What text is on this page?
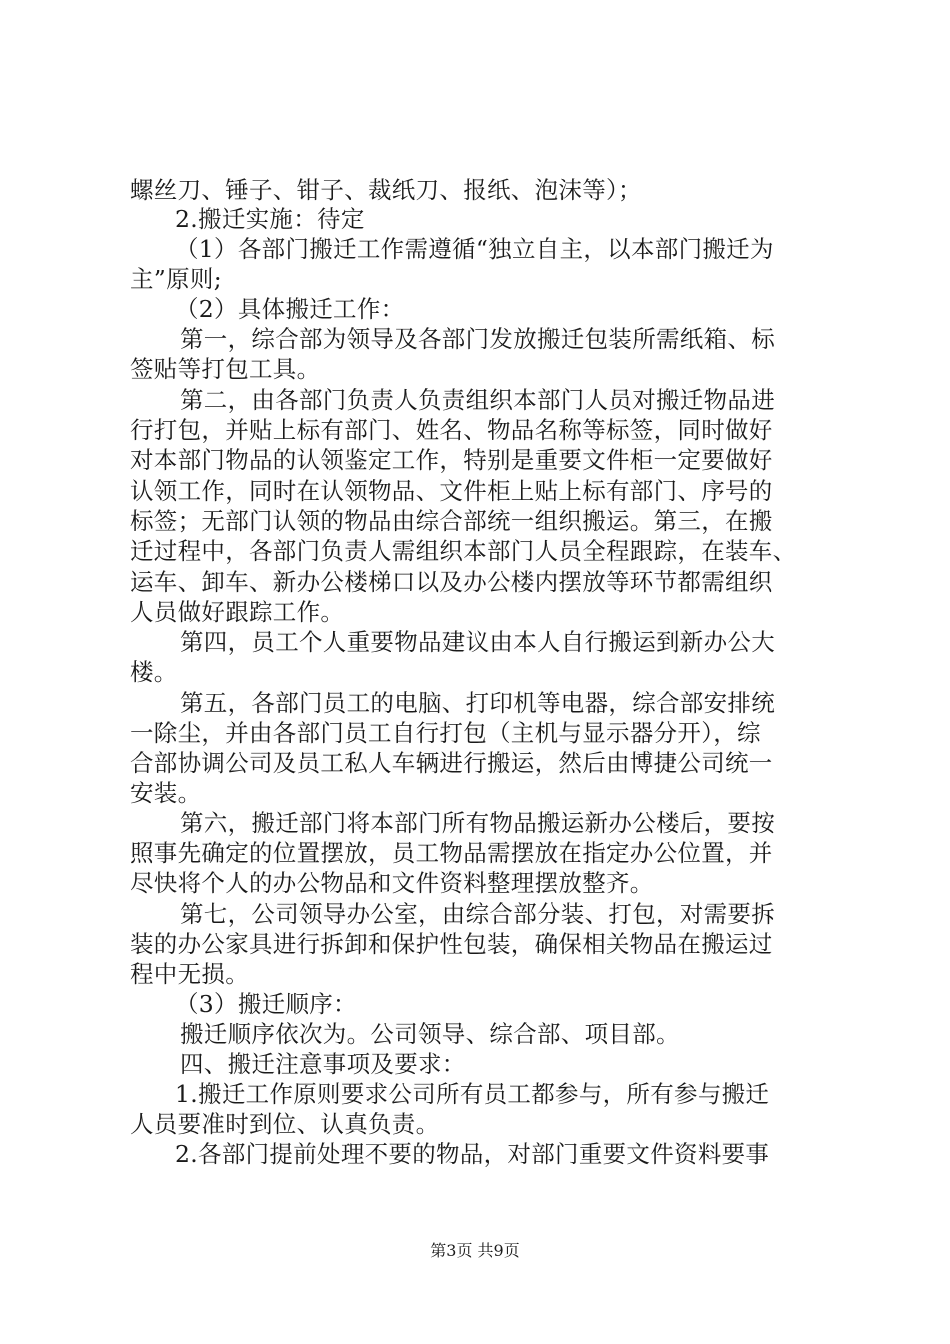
螺丝刀、锤子、钳子、裁纸刀、报纸、泡沫等）；
2.搬迁实施：待定
（1）各部门搬迁工作需遵循“独立自主，以本部门搬迁为
主”原则;
（2）具体搬迁工作：
第一，综合部为领导及各部门发放搬迁包装所需纸箱、标
签贴等打包工具。
第二，由各部门负责人负责组织本部门人员对搬迁物品进
行打包，并贴上标有部门、姓名、物品名称等标签，同时做好
对本部门物品的认领鉴定工作，特别是重要文件柜一定要做好
认领工作，同时在认领物品、文件柜上贴上标有部门、序号的
标签；无部门认领的物品由综合部统一组织搬运。第三，在搬
迁过程中，各部门负责人需组织本部门人员全程跟踪，在装车、
运车、卸车、新办公楼梯口以及办公楼内摆放等环节都需组织
人员做好跟踪工作。
第四，员工个人重要物品建议由本人自行搬运到新办公大
楼。
第五，各部门员工的电脑、打印机等电器，综合部安排统
一除尘，并由各部门员工自行打包（主机与显示器分开），综
合部协调公司及员工私人车辆进行搬运，然后由博捷公司统一
安装。
第六，搬迁部门将本部门所有物品搬运新办公楼后，要按
照事先确定的位置摆放，员工物品需摆放在指定办公位置，并
尽快将个人的办公物品和文件资料整理摆放整齐。
第七，公司领导办公室，由综合部分装、打包，对需要拆
装的办公家具进行拆卸和保护性包装，确保相关物品在搬运过
程中无损。
（3）搬迁顺序：
搬迁顺序依次为。公司领导、综合部、项目部。
四、搬迁注意事项及要求：
1.搬迁工作原则要求公司所有员工都参与，所有参与搬迁
人员要准时到位、认真负责。
2.各部门提前处理不要的物品，对部门重要文件资料要事
第3页 共9页
